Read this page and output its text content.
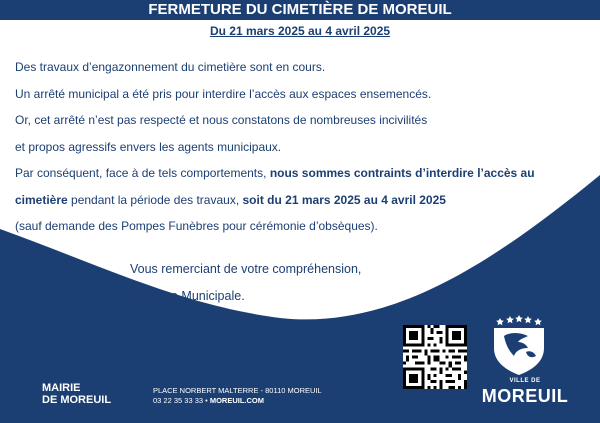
FERMETURE DU CIMETIÈRE DE MOREUIL
Du 21 mars 2025 au 4 avril 2025

Des travaux d’engazonnement du cimetière sont en cours.

Un arrêté municipal a été pris pour interdire l’accès aux espaces ensemencés.

Or, cet arrêté n’est pas respecté et nous constatons de nombreuses incivilités

et propos agressifs envers les agents municipaux.

Par conséquent, face à de tels comportements, nous sommes contraints d’interdire l’accès au

cimetière pendant la période des travaux, soit du 21 mars 2025 au 4 avril 2025

(sauf demande des Pompes Funèbres pour cérémonie d’obsèques).

Vous remerciant de votre compréhension,

L’Équipe Municipale.

MAIRIE
DE MOREUIL
PLACE NORBERT MALTERRE - 80110 MOREUIL
03 22 35 33 33 • MOREUIL.COM
VILLE DE
MOREUIL
